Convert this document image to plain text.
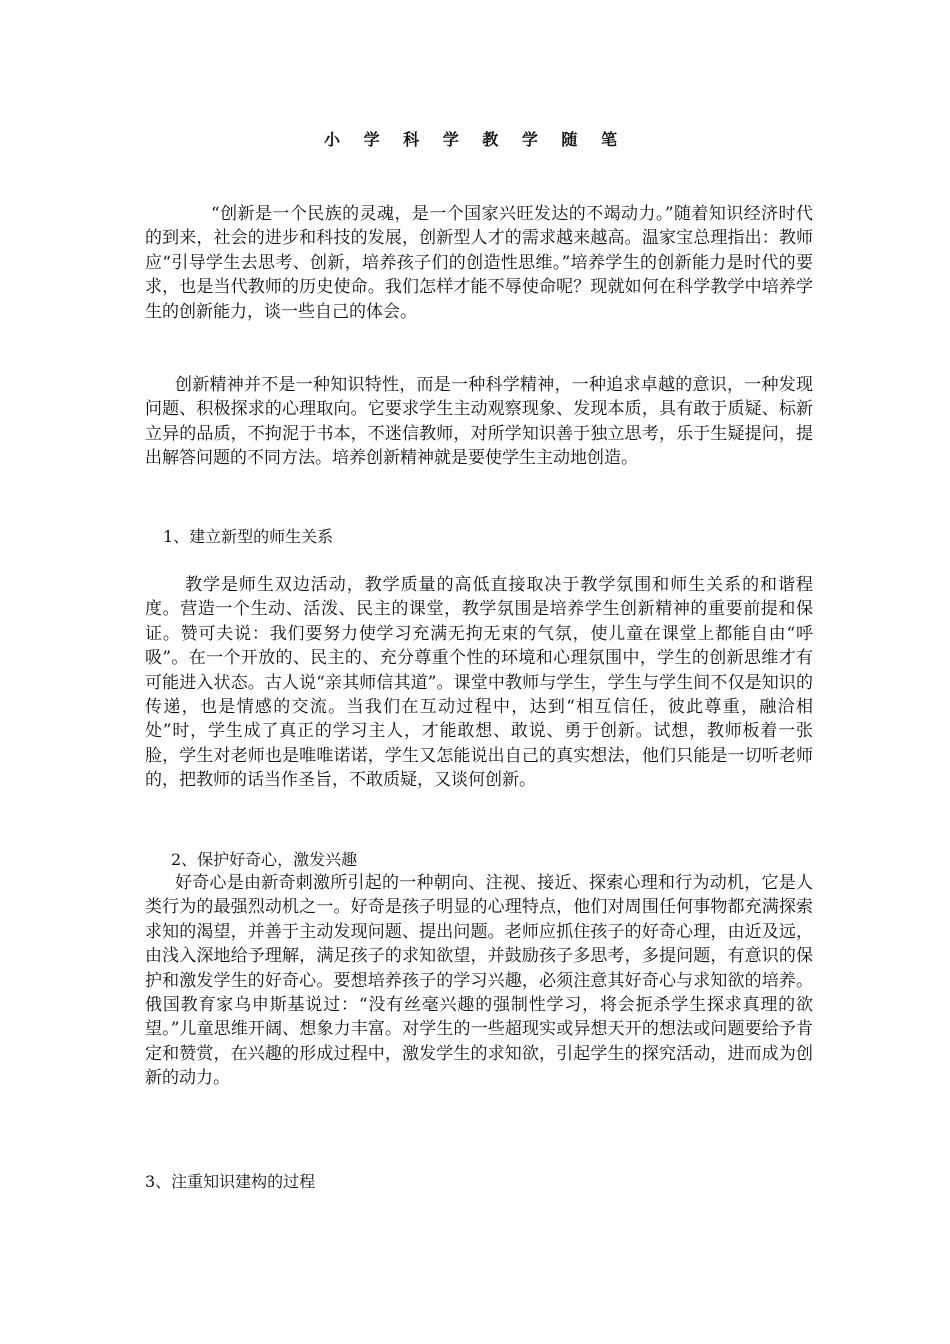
小 学 科 学 教 学 随 笔

“创新是一个民族的灵魂，是一个国家兴旺发达的不竭动力。”随着知识经济时代的到来，社会的进步和科技的发展，创新型人才的需求越来越高。温家宝总理指出：教师应“引导学生去思考、创新，培养孩子们的创造性思维。”培养学生的创新能力是时代的要求，也是当代教师的历史使命。我们怎样才能不辱使命呢？现就如何在科学教学中培养学生的创新能力，谈一些自己的体会。

创新精神并不是一种知识特性，而是一种科学精神，一种追求卓越的意识，一种发现问题、积极探求的心理取向。它要求学生主动观察现象、发现本质，具有敢于质疑、标新立异的品质，不拘泥于书本，不迷信教师，对所学知识善于独立思考，乐于生疑提问，提出解答问题的不同方法。培养创新精神就是要使学生主动地创造。

1、建立新型的师生关系

教学是师生双边活动，教学质量的高低直接取决于教学氛围和师生关系的和谐程度。营造一个生动、活泼、民主的课堂，教学氛围是培养学生创新精神的重要前提和保证。赞可夫说：我们要努力使学习充满无拘无束的气氛，使儿童在课堂上都能自由“呼吸”。在一个开放的、民主的、充分尊重个性的环境和心理氛围中，学生的创新思维才有可能进入状态。古人说“亲其师信其道”。课堂中教师与学生，学生与学生间不仅是知识的传递，也是情感的交流。当我们在互动过程中，达到“相互信任，彼此尊重，融洽相处”时，学生成了真正的学习主人，才能敢想、敢说、勇于创新。试想，教师板着一张脸，学生对老师也是唯唯诺诺，学生又怎能说出自己的真实想法，他们只能是一切听老师的，把教师的话当作圣旨，不敢质疑，又谈何创新。

2、保护好奇心，激发兴趣

好奇心是由新奇刺激所引起的一种朝向、注视、接近、探索心理和行为动机，它是人类行为的最强烈动机之一。好奇是孩子明显的心理特点，他们对周围任何事物都充满探索求知的渴望，并善于主动发现问题、提出问题。老师应抓住孩子的好奇心理，由近及远，由浅入深地给予理解，满足孩子的求知欲望，并鼓励孩子多思考，多提问题，有意识的保护和激发学生的好奇心。要想培养孩子的学习兴趣，必须注意其好奇心与求知欲的培养。俄国教育家乌申斯基说过：“没有丝毫兴趣的强制性学习，将会扼杀学生探求真理的欲望。”儿童思维开阔、想象力丰富。对学生的一些超现实或异想天开的想法或问题要给予肯定和赞赏，在兴趣的形成过程中，激发学生的求知欲，引起学生的探究活动，进而成为创新的动力。

3、注重知识建构的过程
